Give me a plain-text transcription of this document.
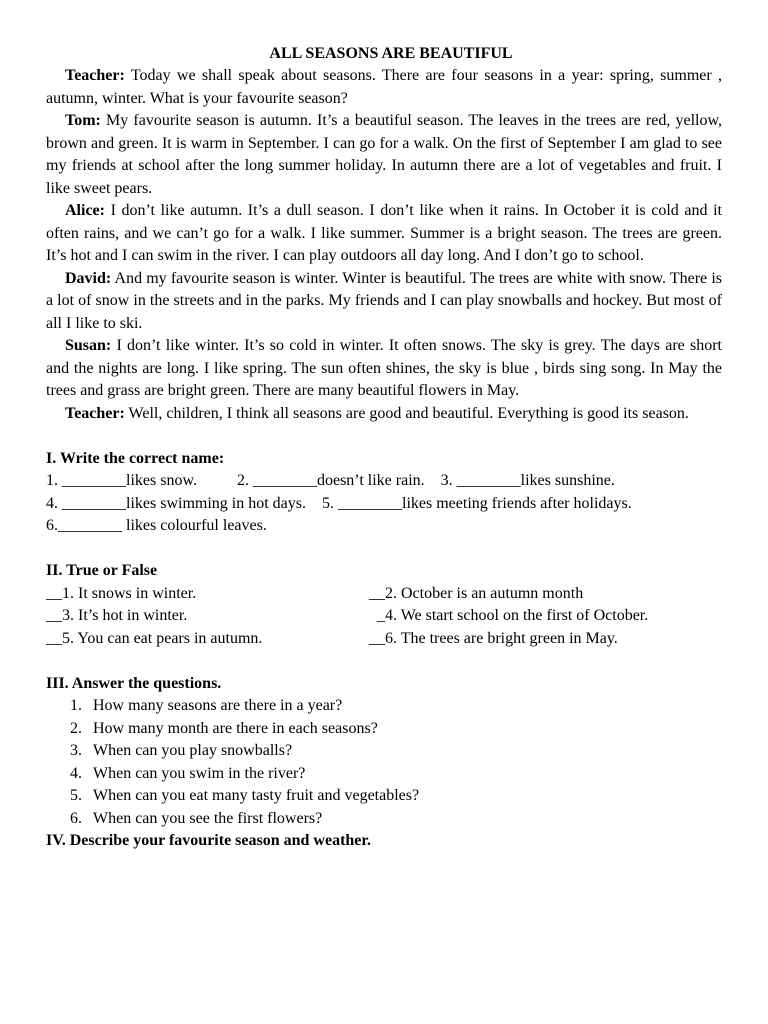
ALL SEASONS ARE BEAUTIFUL
Teacher: Today we shall speak about seasons. There are four seasons in a year: spring, summer , autumn, winter. What is your favourite season?
Tom: My favourite season is autumn. It’s a beautiful season. The leaves in the trees are red, yellow, brown and green. It is warm in September. I can go for a walk. On the first of September I am glad to see my friends at school after the long summer holiday. In autumn there are a lot of vegetables and fruit. I like sweet pears.
Alice: I don’t like autumn. It’s a dull season. I don’t like when it rains. In October it is cold and it often rains, and we can’t go for a walk. I like summer. Summer is a bright season. The trees are green. It’s hot and I can swim in the river. I can play outdoors all day long. And I don’t go to school.
David: And my favourite season is winter. Winter is beautiful. The trees are white with snow. There is a lot of snow in the streets and in the parks. My friends and I can play snowballs and hockey. But most of all I like to ski.
Susan: I don’t like winter. It’s so cold in winter. It often snows. The sky is grey. The days are short and the nights are long. I like spring. The sun often shines, the sky is blue , birds sing song. In May the trees and grass are bright green. There are many beautiful flowers in May.
Teacher: Well, children, I think all seasons are good and beautiful. Everything is good its season.
I. Write the correct name:
1. ________likes snow.          2. ________doesn’t like rain.    3. ________likes sunshine.
4. ________likes swimming in hot days.    5. ________likes meeting friends after holidays.
6.________ likes colourful leaves.
II. True or False
__1. It snows in winter.	__2. October is an autumn month
__3. It’s hot in winter.	_4. We start school on the first of October.
__5. You can eat pears in autumn.	__6. The trees are bright green in May.
III. Answer the questions.
1. How many seasons are there in a year?
2. How many month are there in each seasons?
3. When can you play snowballs?
4. When can you swim in the river?
5. When can you eat many tasty fruit and vegetables?
6. When can you see the first flowers?
IV. Describe your favourite season and weather.
